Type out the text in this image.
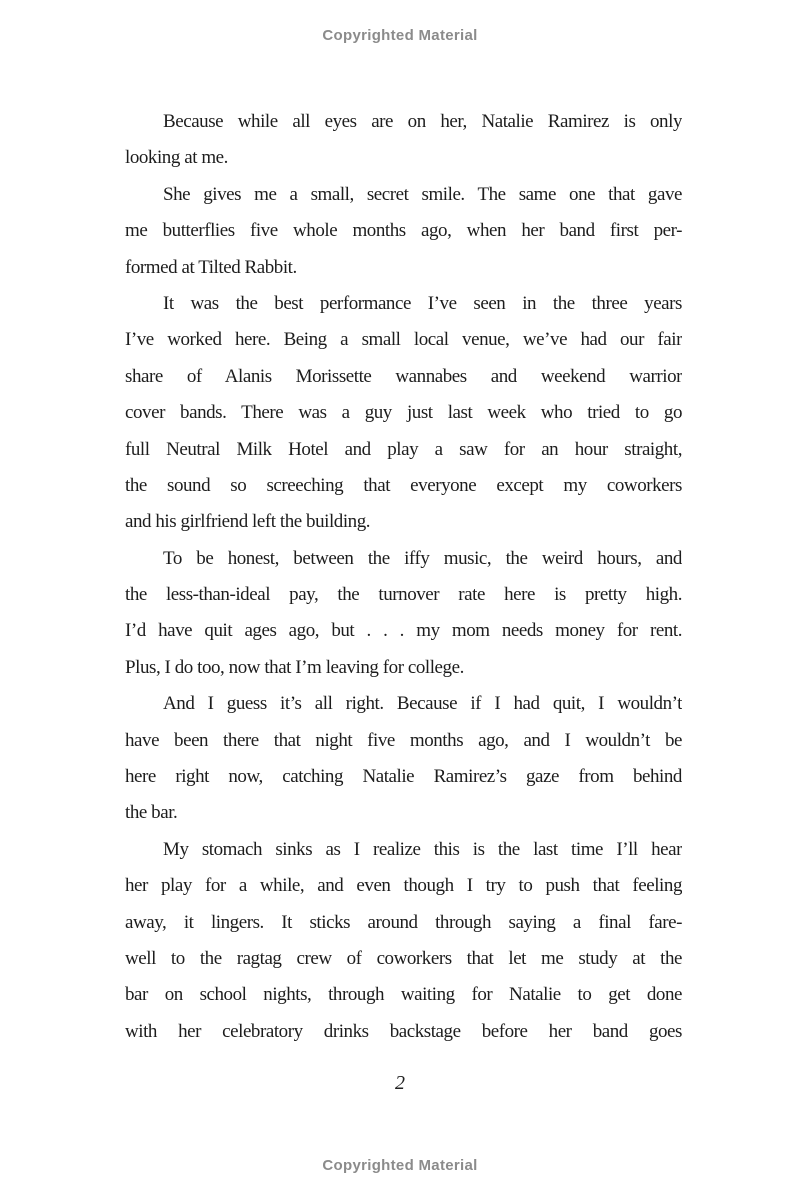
Copyrighted Material
Because while all eyes are on her, Natalie Ramirez is only
looking at me.
She gives me a small, secret smile. The same one that gave
me butterflies five whole months ago, when her band first per-
formed at Tilted Rabbit.
It was the best performance I’ve seen in the three years
I’ve worked here. Being a small local venue, we’ve had our fair
share of Alanis Morissette wannabes and weekend warrior
cover bands. There was a guy just last week who tried to go
full Neutral Milk Hotel and play a saw for an hour straight,
the sound so screeching that everyone except my coworkers
and his girlfriend left the building.
To be honest, between the iffy music, the weird hours, and
the less-than-ideal pay, the turnover rate here is pretty high.
I’d have quit ages ago, but . . . my mom needs money for rent.
Plus, I do too, now that I’m leaving for college.
And I guess it’s all right. Because if I had quit, I wouldn’t
have been there that night five months ago, and I wouldn’t be
here right now, catching Natalie Ramirez’s gaze from behind
the bar.
My stomach sinks as I realize this is the last time I’ll hear
her play for a while, and even though I try to push that feeling
away, it lingers. It sticks around through saying a final fare-
well to the ragtag crew of coworkers that let me study at the
bar on school nights, through waiting for Natalie to get done
with her celebratory drinks backstage before her band goes
2
Copyrighted Material
